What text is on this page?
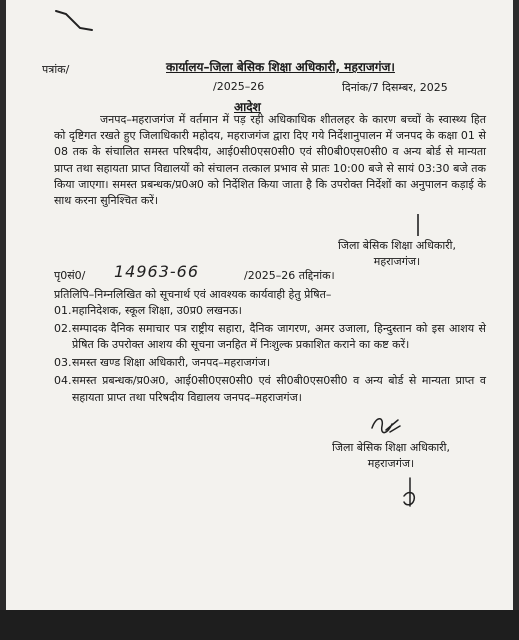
पत्रांक/	कार्यालय–जिला बेसिक शिक्षा अधिकारी, महराजगंज।
/2025–26	दिनांक/7 दिसम्बर, 2025
आदेश
जनपद–महराजगंज में वर्तमान में पड़ रही अधिकाधिक शीतलहर के कारण बच्चों के स्वास्थ्य हित को दृष्टिगत रखते हुए जिलाधिकारी महोदय, महराजगंज द्वारा दिए गये निर्देशानुपालन में जनपद के कक्षा 01 से 08 तक के संचालित समस्त परिषदीय, आई0सी0एस0सी0 एवं सी0बी0एस0सी0 व अन्य बोर्ड से मान्यता प्राप्त तथा सहायता प्राप्त विद्यालयों को संचालन तत्काल प्रभाव से प्रातः 10:00 बजे से सायं 03:30 बजे तक किया जाएगा। समस्त प्रबन्धक/प्र0अ0 को निर्देशित किया जाता है कि उपरोक्त निर्देशों का अनुपालन कड़ाई के साथ करना सुनिश्चित करें।
जिला बेसिक शिक्षा अधिकारी,
महराजगंज।
पृ0सं0/ 14963-66	/2025–26 तद्दिनांक।
प्रतिलिपि–निम्नलिखित को सूचनार्थ एवं आवश्यक कार्यवाही हेतु प्रेषित–
01. महानिदेशक, स्कूल शिक्षा, उ0प्र0 लखनऊ।
02. सम्पादक दैनिक समाचार पत्र राष्ट्रीय सहारा, दैनिक जागरण, अमर उजाला, हिन्दुस्तान को इस आशय से प्रेषित कि उपरोक्त आशय की सूचना जनहित में निःशुल्क प्रकाशित कराने का कष्ट करें।
03. समस्त खण्ड शिक्षा अधिकारी, जनपद–महराजगंज।
04. समस्त प्रबन्धक/प्र0अ0, आई0सी0एस0सी0 एवं सी0बी0एस0सी0 व अन्य बोर्ड से मान्यता प्राप्त व सहायता प्राप्त तथा परिषदीय विद्यालय जनपद–महराजगंज।
जिला बेसिक शिक्षा अधिकारी,
महराजगंज।
